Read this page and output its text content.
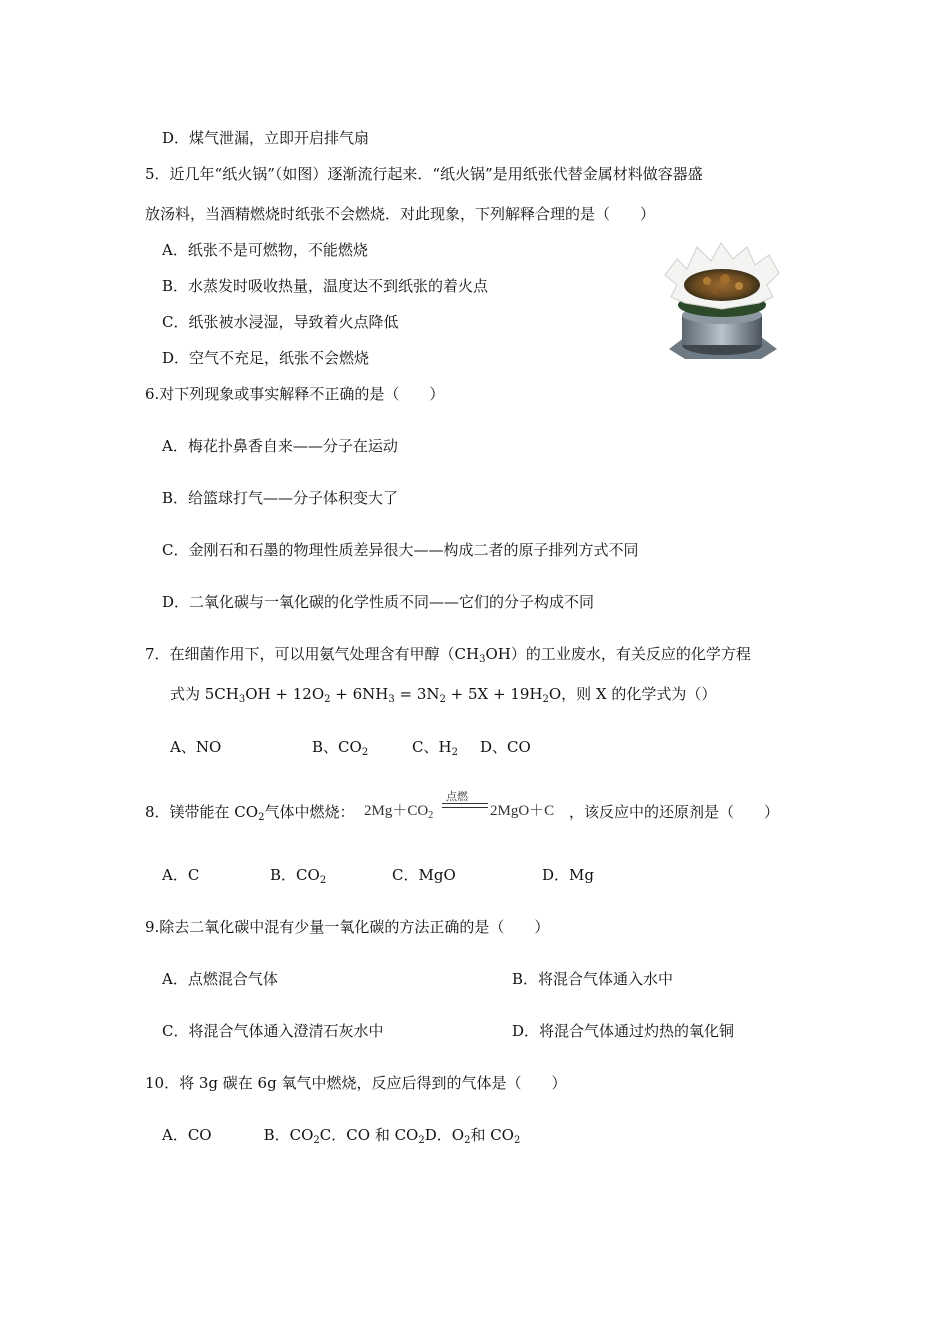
D．煤气泄漏，立即开启排气扇
5．近几年“纸火锅”（如图）逐渐流行起来．“纸火锅”是用纸张代替金属材料做容器盛
放汤料，当酒精燃烧时纸张不会燃烧．对此现象，下列解释合理的是（　　）
A．纸张不是可燃物，不能燃烧
B．水蒸发时吸收热量，温度达不到纸张的着火点
C．纸张被水浸湿，导致着火点降低
D．空气不充足，纸张不会燃烧
6.对下列现象或事实解释不正确的是（　　）
A．梅花扑鼻香自来——分子在运动
B．给篮球打气——分子体积变大了
C．金刚石和石墨的物理性质差异很大——构成二者的原子排列方式不同
D．二氧化碳与一氧化碳的化学性质不同——它们的分子构成不同
7．在细菌作用下，可以用氨气处理含有甲醇$(CH_3OH)$的工业废水，有关反应的化学方程
式为 $5CH_3OH + 12O_2 + 6NH_3 = 3N_2 + 5X + 19H_2O$，则 X 的化学式为（）
A、NO	B、$CO_2$	C、$H_2$ D、CO
8．镁带能在 $CO_2$气体中燃烧： $2Mg+CO_2$
点燃
2MgO＋C ，该反应中的还原剂是（　　）
A．C	B．$CO_2$	C．MgO	D．Mg
9.除去二氧化碳中混有少量一氧化碳的方法正确的是（　　）
A．点燃混合气体	B．将混合气体通入水中
C．将混合气体通入澄清石灰水中	D．将混合气体通过灼热的氧化铜
10．将 3g 碳在 6g 氧气中燃烧，反应后得到的气体是（　　）
A．CO	B．$CO_2C$．CO 和 $CO_2D$．$O_2$和 $CO_2$
